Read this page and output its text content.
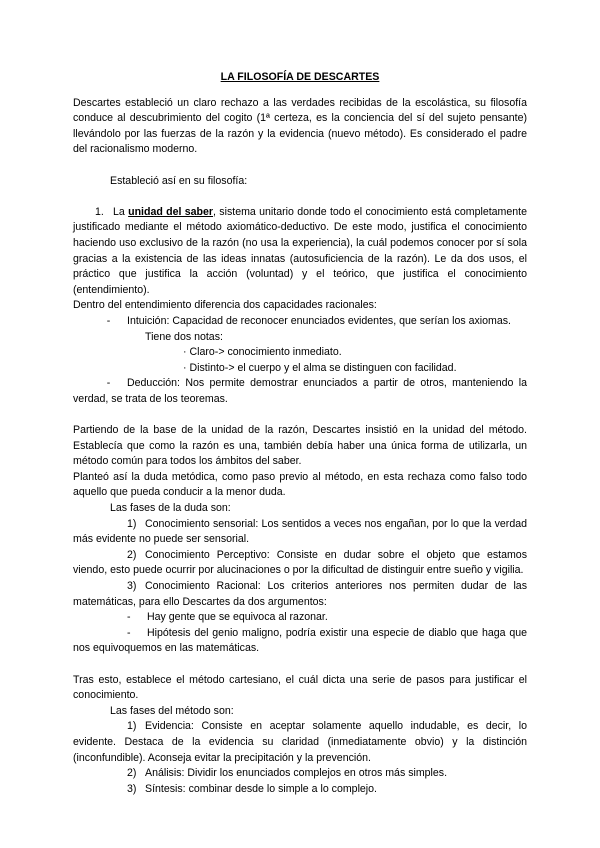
LA FILOSOFÍA DE DESCARTES

Descartes estableció un claro rechazo a las verdades recibidas de la escolástica, su filosofía conduce al descubrimiento del cogito (1ª certeza, es la conciencia del sí del sujeto pensante) llevándolo por las fuerzas de la razón y la evidencia (nuevo método). Es considerado el padre del racionalismo moderno.

Estableció así en su filosofía:

1. La unidad del saber, sistema unitario donde todo el conocimiento está completamente justificado mediante el método axiomático-deductivo. De este modo, justifica el conocimiento haciendo uso exclusivo de la razón (no usa la experiencia), la cuál podemos conocer por sí sola gracias a la existencia de las ideas innatas (autosuficiencia de la razón). Le da dos usos, el práctico que justifica la acción (voluntad) y el teórico, que justifica el conocimiento (entendimiento).

Dentro del entendimiento diferencia dos capacidades racionales:

- Intuición: Capacidad de reconocer enunciados evidentes, que serían los axiomas.

Tiene dos notas:

· Claro-> conocimiento inmediato.

· Distinto-> el cuerpo y el alma se distinguen con facilidad.

- Deducción: Nos permite demostrar enunciados a partir de otros, manteniendo la verdad, se trata de los teoremas.

Partiendo de la base de la unidad de la razón, Descartes insistió en la unidad del método. Establecía que como la razón es una, también debía haber una única forma de utilizarla, un método común para todos los ámbitos del saber.

Planteó así la duda metódica, como paso previo al método, en esta rechaza como falso todo aquello que pueda conducir a la menor duda.

Las fases de la duda son:

1) Conocimiento sensorial: Los sentidos a veces nos engañan, por lo que la verdad más evidente no puede ser sensorial.

2) Conocimiento Perceptivo: Consiste en dudar sobre el objeto que estamos viendo, esto puede ocurrir por alucinaciones o por la dificultad de distinguir entre sueño y vigilia.

3) Conocimiento Racional: Los criterios anteriores nos permiten dudar de las matemáticas, para ello Descartes da dos argumentos:

- Hay gente que se equivoca al razonar.

- Hipótesis del genio maligno, podría existir una especie de diablo que haga que nos equivoquemos en las matemáticas.

Tras esto, establece el método cartesiano, el cuál dicta una serie de pasos para justificar el conocimiento.

Las fases del método son:

1) Evidencia: Consiste en aceptar solamente aquello indudable, es decir, lo evidente. Destaca de la evidencia su claridad (inmediatamente obvio) y la distinción (inconfundible). Aconseja evitar la precipitación y la prevención.

2) Análisis: Dividir los enunciados complejos en otros más simples.

3) Síntesis: combinar desde lo simple a lo complejo.
